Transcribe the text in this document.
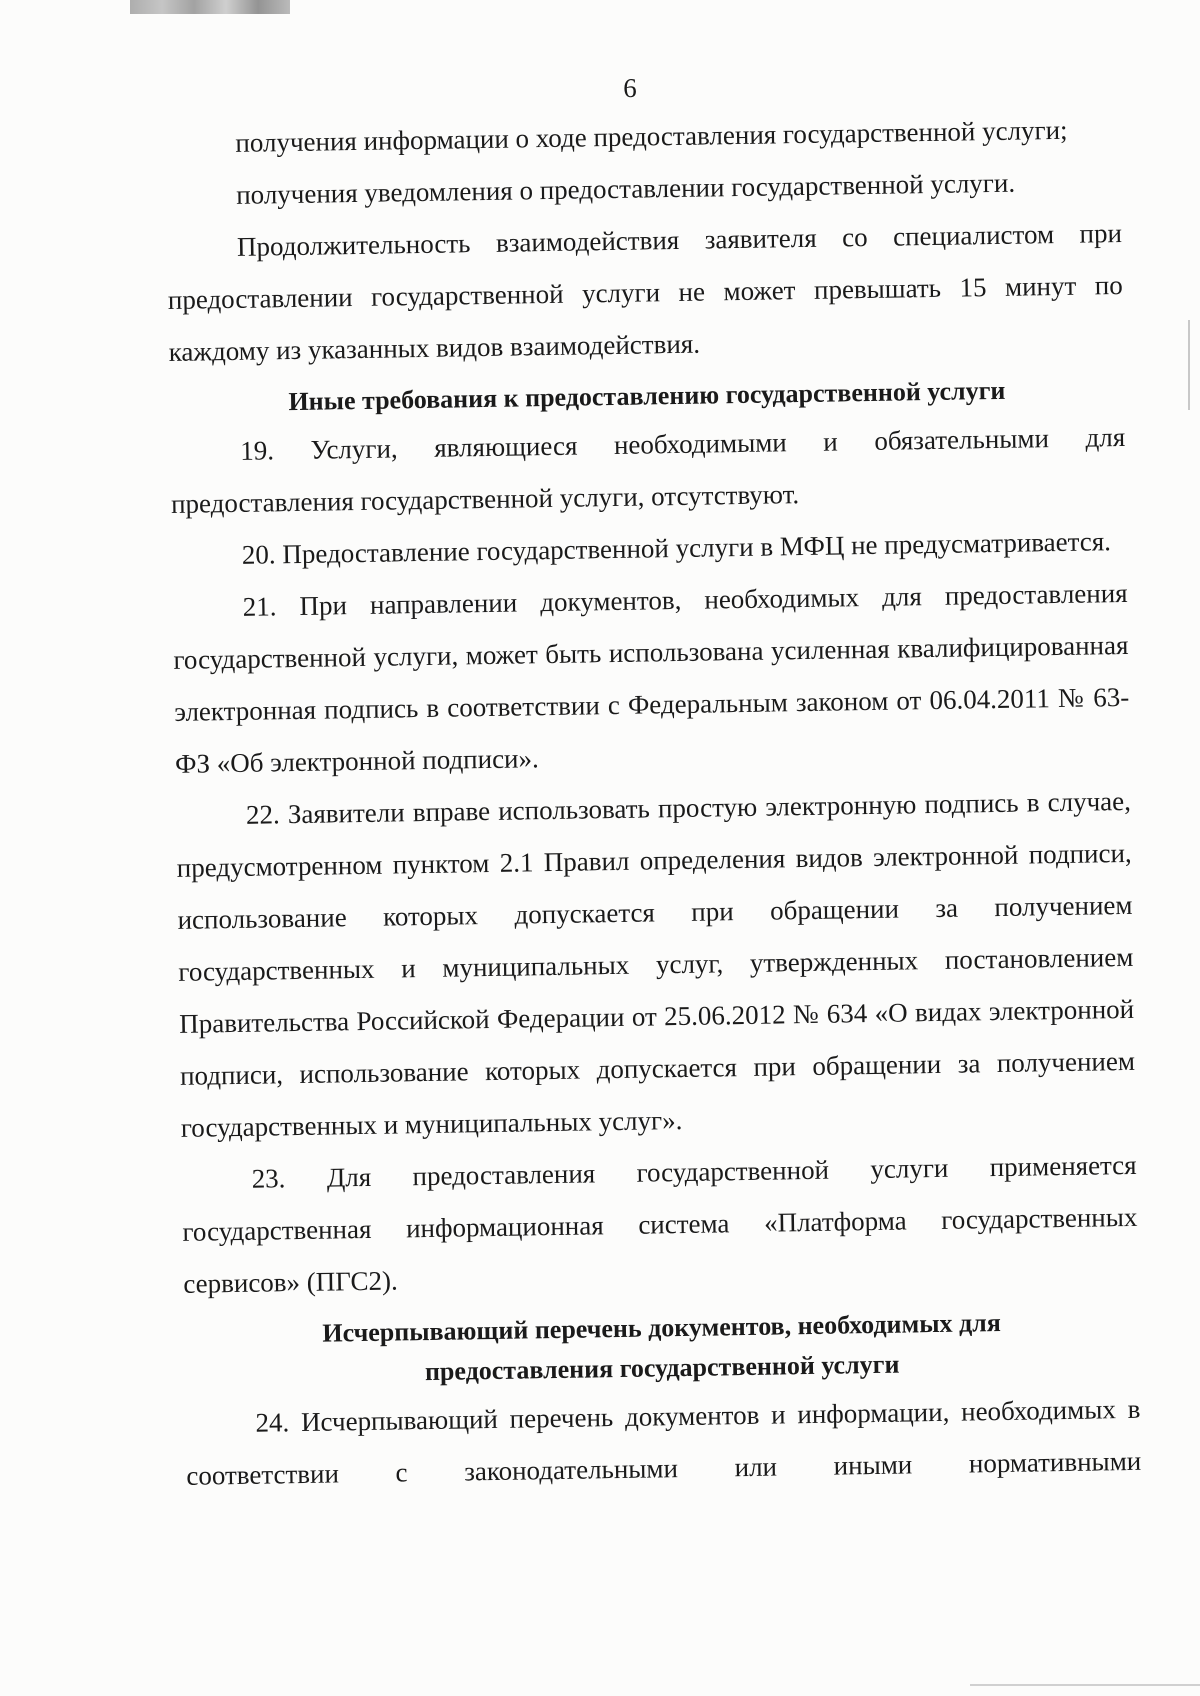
6

получения информации о ходе предоставления государственной услуги;

получения уведомления о предоставлении государственной услуги.

Продолжительность взаимодействия заявителя со специалистом при предоставлении государственной услуги не может превышать 15 минут по каждому из указанных видов взаимодействия.

Иные требования к предоставлению государственной услуги

19. Услуги, являющиеся необходимыми и обязательными для предоставления государственной услуги, отсутствуют.

20. Предоставление государственной услуги в МФЦ не предусматривается.

21. При направлении документов, необходимых для предоставления государственной услуги, может быть использована усиленная квалифицированная электронная подпись в соответствии с Федеральным законом от 06.04.2011 № 63-ФЗ «Об электронной подписи».

22. Заявители вправе использовать простую электронную подпись в случае, предусмотренном пунктом 2.1 Правил определения видов электронной подписи, использование которых допускается при обращении за получением государственных и муниципальных услуг, утвержденных постановлением Правительства Российской Федерации от 25.06.2012 № 634 «О видах электронной подписи, использование которых допускается при обращении за получением государственных и муниципальных услуг».

23. Для предоставления государственной услуги применяется государственная информационная система «Платформа государственных сервисов» (ПГС2).

Исчерпывающий перечень документов, необходимых для
предоставления государственной услуги

24. Исчерпывающий перечень документов и информации, необходимых в соответствии с законодательными или иными нормативными
